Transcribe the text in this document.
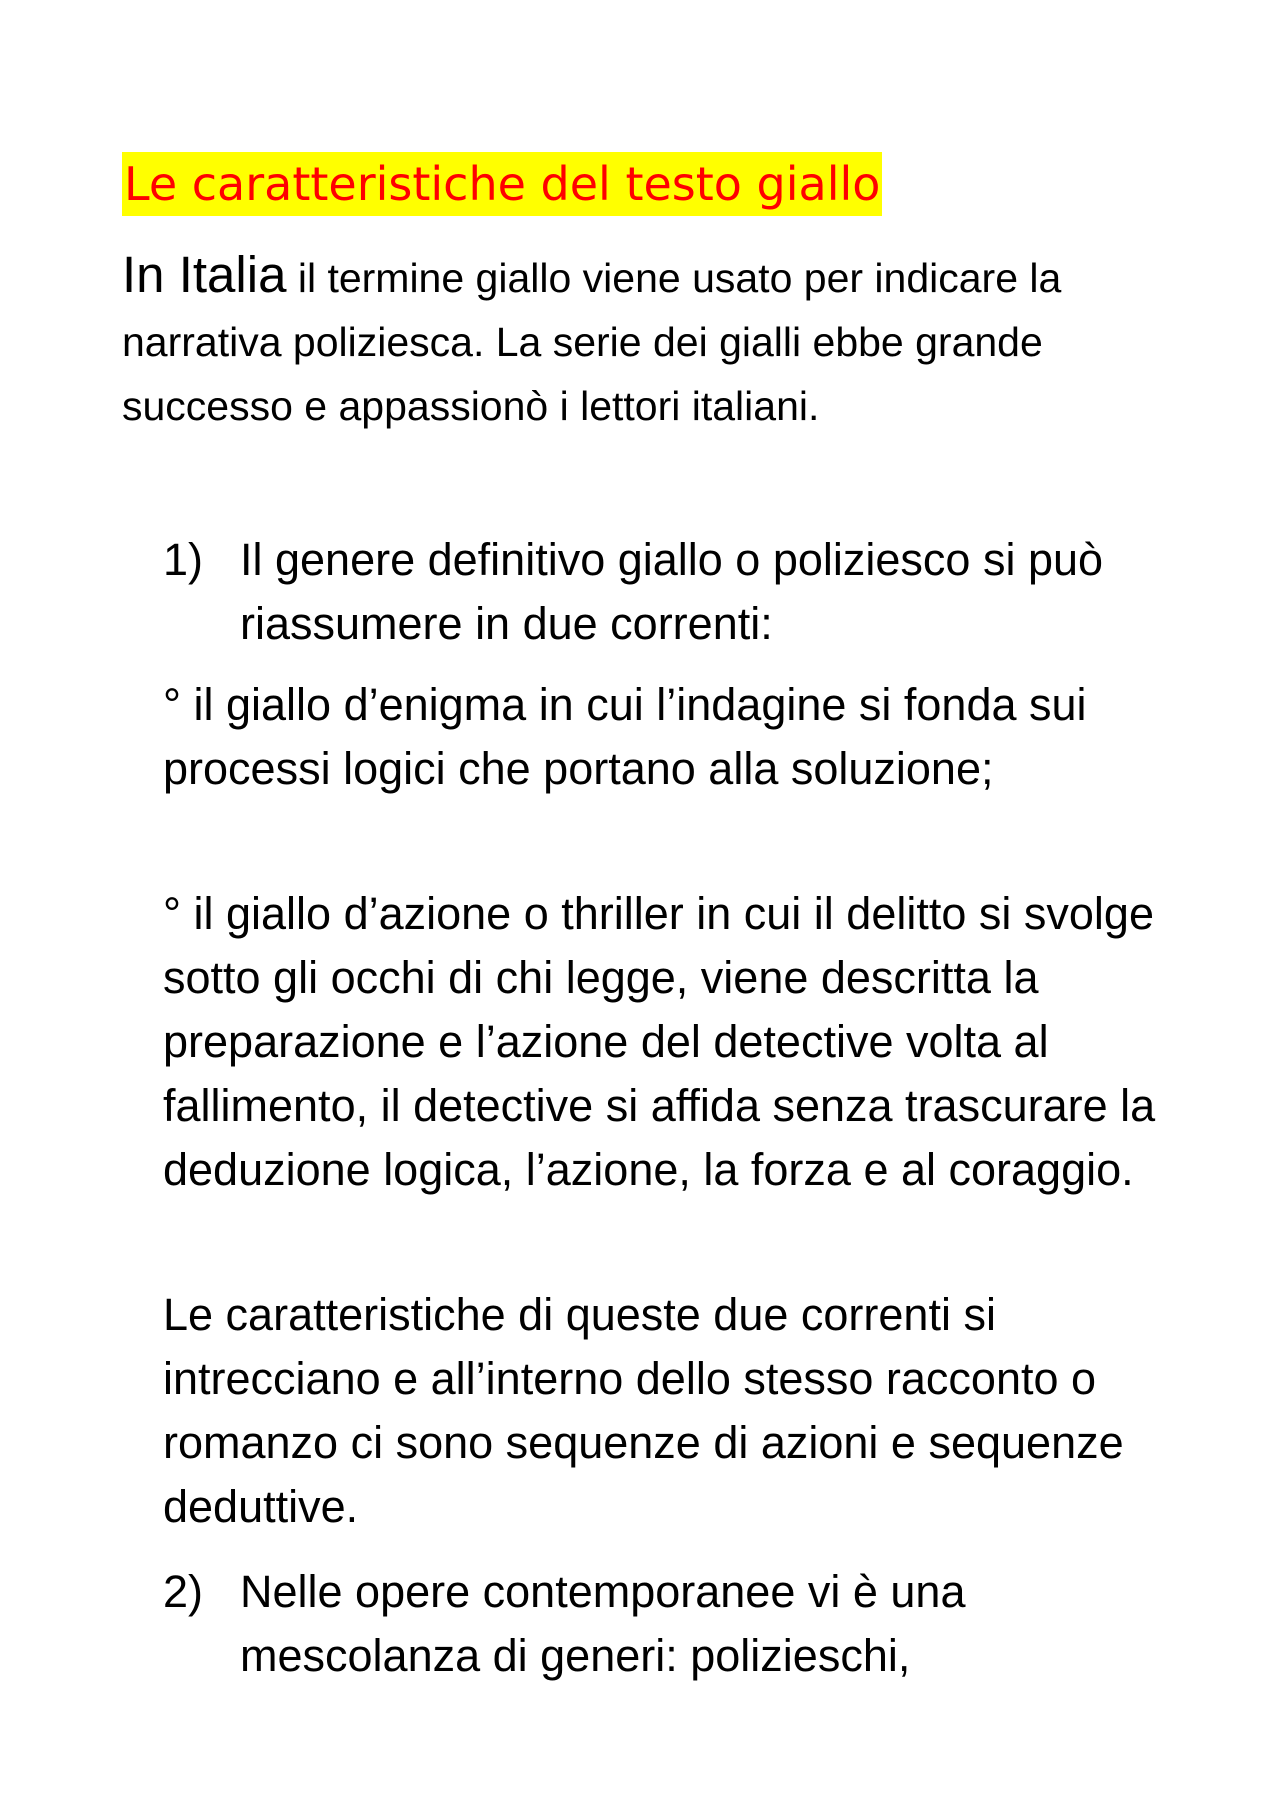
Le caratteristiche del testo giallo

In Italia il termine giallo viene usato per indicare la narrativa poliziesca. La serie dei gialli ebbe grande successo e appassionò i lettori italiani.

1) Il genere definitivo giallo o poliziesco si può riassumere in due correnti:

° il giallo d’enigma in cui l’indagine si fonda sui processi logici che portano alla soluzione;

° il giallo d’azione o thriller in cui il delitto si svolge sotto gli occhi di chi legge, viene descritta la preparazione e l’azione del detective volta al fallimento, il detective si affida senza trascurare la deduzione logica, l’azione, la forza e al coraggio.

Le caratteristiche di queste due correnti si intrecciano e all’interno dello stesso racconto o romanzo ci sono sequenze di azioni e sequenze deduttive.

2) Nelle opere contemporanee vi è una mescolanza di generi: polizieschi,
